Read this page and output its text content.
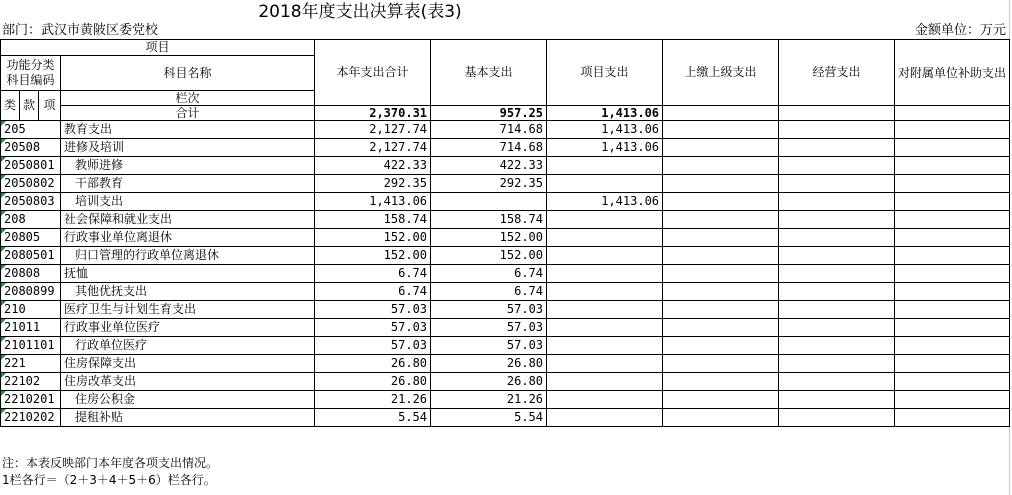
2018年度支出决算表(表3)
部门：武汉市黄陂区委党校	金额单位：万元
项目				本年支出合计	基本支出	项目支出	上缴上级支出	经营支出	对附属单位补助支出	
功能分类科目编码			科目名称							

类	款	项	栏次						
			合计	2,370.31	957.25	1,413.06				
205			教育支出	2,127.74	714.68	1,413.06				
20508			进修及培训	2,127.74	714.68	1,413.06				
2050801			教师进修	422.33	422.33					
2050802			干部教育	292.35	292.35					
2050803			培训支出	1,413.06		1,413.06				
208			社会保障和就业支出	158.74	158.74					
20805			行政事业单位离退休	152.00	152.00					
2080501			归口管理的行政单位离退休	152.00	152.00					
20808			抚恤	6.74	6.74					
2080899			其他优抚支出	6.74	6.74					
210			医疗卫生与计划生育支出	57.03	57.03					
21011			行政事业单位医疗	57.03	57.03					
2101101			行政单位医疗	57.03	57.03					
221			住房保障支出	26.80	26.80					
22102			住房改革支出	26.80	26.80					
2210201			住房公积金	21.26	21.26					
2210202			提租补贴	5.54	5.54					
注：本表反映部门本年度各项支出情况。
1栏各行＝（2＋3＋4＋5＋6）栏各行。
